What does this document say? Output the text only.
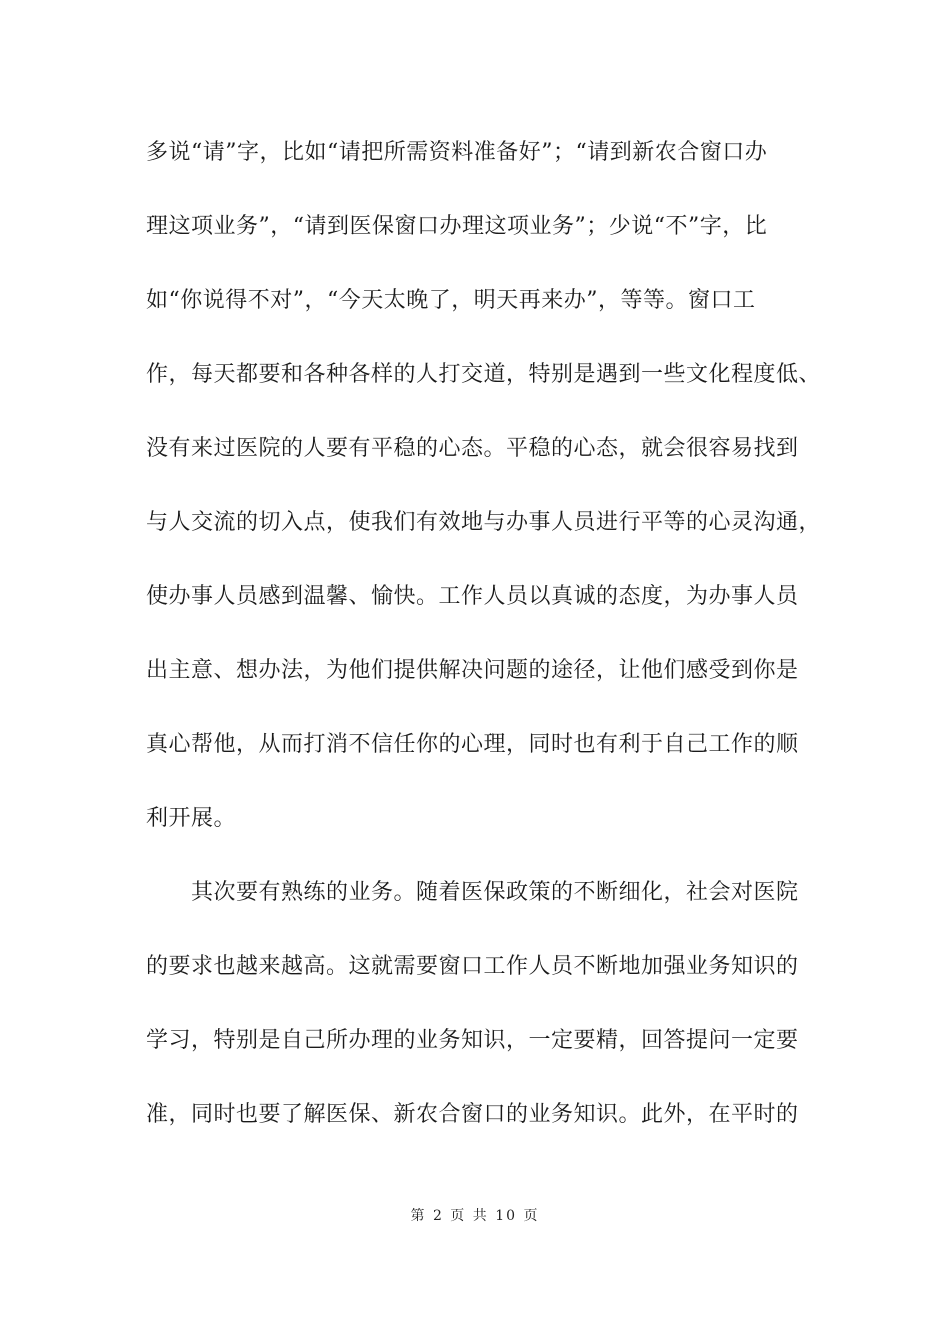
多说“请”字，比如“请把所需资料准备好”；“请到新农合窗口办
理这项业务”，“请到医保窗口办理这项业务”；少说“不”字，比
如“你说得不对”，“今天太晚了，明天再来办”，等等。窗口工
作，每天都要和各种各样的人打交道，特别是遇到一些文化程度低、
没有来过医院的人要有平稳的心态。平稳的心态，就会很容易找到
与人交流的切入点，使我们有效地与办事人员进行平等的心灵沟通，
使办事人员感到温馨、愉快。工作人员以真诚的态度，为办事人员
出主意、想办法，为他们提供解决问题的途径，让他们感受到你是
真心帮他，从而打消不信任你的心理，同时也有利于自己工作的顺
利开展。
　　其次要有熟练的业务。随着医保政策的不断细化，社会对医院
的要求也越来越高。这就需要窗口工作人员不断地加强业务知识的
学习，特别是自己所办理的业务知识，一定要精，回答提问一定要
准，同时也要了解医保、新农合窗口的业务知识。此外，在平时的
第 2 页 共 10 页
